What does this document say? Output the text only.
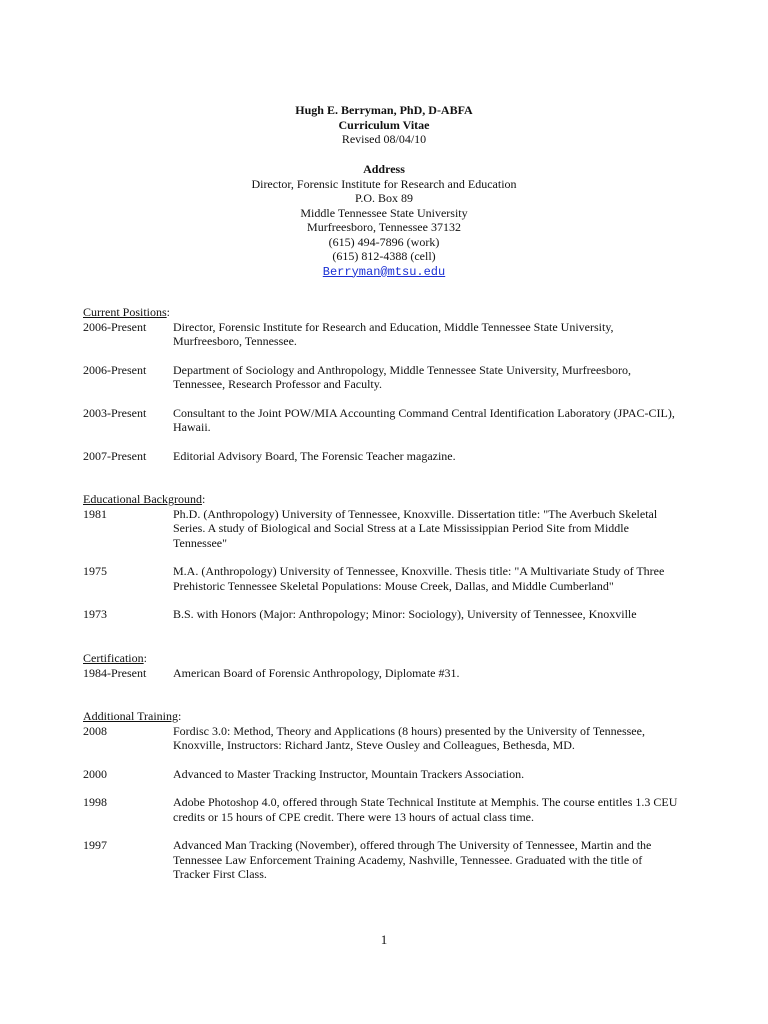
Hugh E. Berryman, PhD, D-ABFA
Curriculum Vitae
Revised 08/04/10
Address
Director, Forensic Institute for Research and Education
P.O. Box 89
Middle Tennessee State University
Murfreesboro, Tennessee 37132
(615) 494-7896 (work)
(615) 812-4388 (cell)
Berryman@mtsu.edu
Current Positions:
2006-Present	Director, Forensic Institute for Research and Education, Middle Tennessee State University, Murfreesboro, Tennessee.
2006-Present	Department of Sociology and Anthropology, Middle Tennessee State University, Murfreesboro, Tennessee, Research Professor and Faculty.
2003-Present	Consultant to the Joint POW/MIA Accounting Command Central Identification Laboratory (JPAC-CIL), Hawaii.
2007-Present	Editorial Advisory Board, The Forensic Teacher magazine.
Educational Background:
1981	Ph.D. (Anthropology) University of Tennessee, Knoxville. Dissertation title: "The Averbuch Skeletal Series. A study of Biological and Social Stress at a Late Mississippian Period Site from Middle Tennessee"
1975	M.A. (Anthropology) University of Tennessee, Knoxville. Thesis title: "A Multivariate Study of Three Prehistoric Tennessee Skeletal Populations: Mouse Creek, Dallas, and Middle Cumberland"
1973	B.S. with Honors (Major: Anthropology; Minor: Sociology), University of Tennessee, Knoxville
Certification:
1984-Present	American Board of Forensic Anthropology, Diplomate #31.
Additional Training:
2008	Fordisc 3.0: Method, Theory and Applications (8 hours) presented by the University of Tennessee, Knoxville, Instructors: Richard Jantz, Steve Ousley and Colleagues, Bethesda, MD.
2000	Advanced to Master Tracking Instructor, Mountain Trackers Association.
1998	Adobe Photoshop 4.0, offered through State Technical Institute at Memphis. The course entitles 1.3 CEU credits or 15 hours of CPE credit. There were 13 hours of actual class time.
1997	Advanced Man Tracking (November), offered through The University of Tennessee, Martin and the Tennessee Law Enforcement Training Academy, Nashville, Tennessee. Graduated with the title of Tracker First Class.
1
